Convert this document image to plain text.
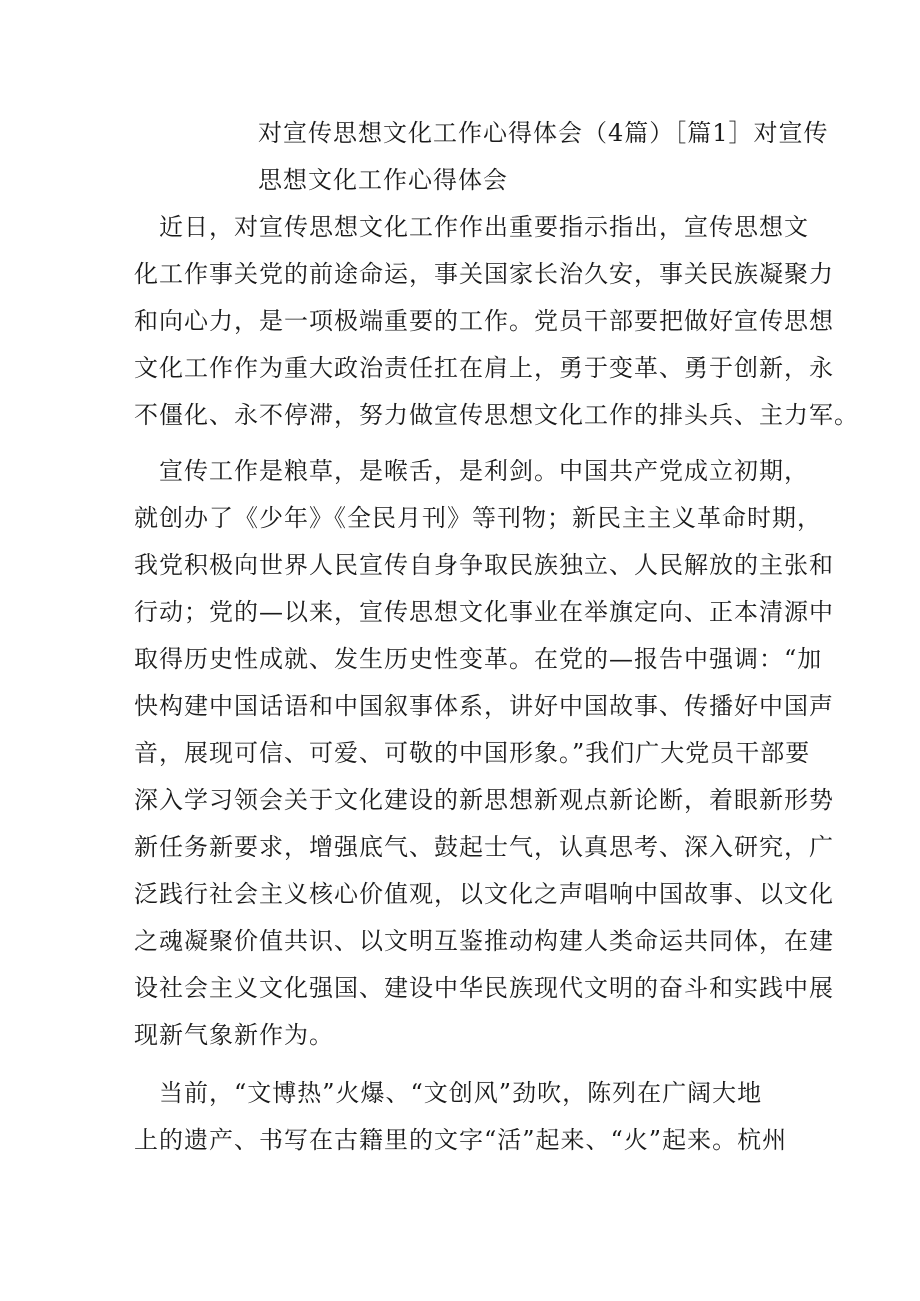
对宣传思想文化工作心得体会（4篇）［篇1］对宣传
思想文化工作心得体会
　近日，对宣传思想文化工作作出重要指示指出，宣传思想文
化工作事关党的前途命运，事关国家长治久安，事关民族凝聚力
和向心力，是一项极端重要的工作。党员干部要把做好宣传思想
文化工作作为重大政治责任扛在肩上，勇于变革、勇于创新，永
不僵化、永不停滞，努力做宣传思想文化工作的排头兵、主力军。
　宣传工作是粮草，是喉舌，是利剑。中国共产党成立初期，
就创办了《少年》《全民月刊》等刊物；新民主主义革命时期，
我党积极向世界人民宣传自身争取民族独立、人民解放的主张和
行动；党的—以来，宣传思想文化事业在举旗定向、正本清源中
取得历史性成就、发生历史性变革。在党的—报告中强调：“加
快构建中国话语和中国叙事体系，讲好中国故事、传播好中国声
音，展现可信、可爱、可敬的中国形象。”我们广大党员干部要
深入学习领会关于文化建设的新思想新观点新论断，着眼新形势
新任务新要求，增强底气、鼓起士气，认真思考、深入研究，广
泛践行社会主义核心价值观，以文化之声唱响中国故事、以文化
之魂凝聚价值共识、以文明互鉴推动构建人类命运共同体，在建
设社会主义文化强国、建设中华民族现代文明的奋斗和实践中展
现新气象新作为。
　当前，“文博热”火爆、“文创风”劲吹，陈列在广阔大地
上的遗产、书写在古籍里的文字“活”起来、“火”起来。杭州
